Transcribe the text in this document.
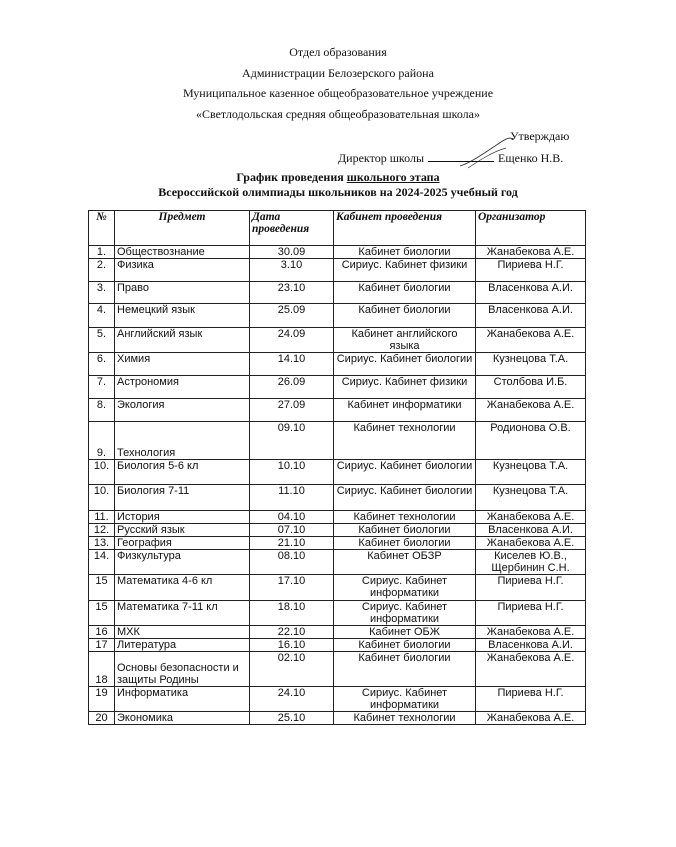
Отдел образования
Администрации Белозерского района
Муниципальное казенное общеобразовательное учреждение
«Светлодольская средняя общеобразовательная школа»
Утверждаю
Директор школы	Ещенко Н.В.
График проведения школьного этапа
Всероссийской олимпиады школьников на 2024-2025 учебный год
№	Предмет	Дата проведения	Кабинет проведения	Организатор
1.	Обществознание	30.09	Кабинет биологии	Жанабекова А.Е.
2.	Физика	3.10	Сириус. Кабинет физики	Пириева Н.Г.
3.	Право	23.10	Кабинет биологии	Власенкова А.И.
4.	Немецкий язык	25.09	Кабинет биологии	Власенкова А.И.
5.	Английский язык	24.09	Кабинет английского языка	Жанабекова А.Е.
6.	Химия	14.10	Сириус. Кабинет биологии	Кузнецова Т.А.
7.	Астрономия	26.09	Сириус. Кабинет физики	Столбова И.Б.
8.	Экология	27.09	Кабинет информатики	Жанабекова А.Е.
9.	Технология	09.10	Кабинет технологии	Родионова О.В.
10.	Биология 5-6 кл	10.10	Сириус. Кабинет биологии	Кузнецова Т.А.
10.	Биология 7-11	11.10	Сириус. Кабинет биологии	Кузнецова Т.А.
11.	История	04.10	Кабинет технологии	Жанабекова А.Е.
12.	Русский язык	07.10	Кабинет биологии	Власенкова А.И.
13.	География	21.10	Кабинет биологии	Жанабекова А.Е.
14.	Физкультура	08.10	Кабинет ОБЗР	Киселев Ю.В., Щербинин С.Н.
15	Математика 4-6 кл	17.10	Сириус. Кабинет информатики	Пириева Н.Г.
15	Математика 7-11 кл	18.10	Сириус. Кабинет информатики	Пириева Н.Г.
16	МХК	22.10	Кабинет ОБЖ	Жанабекова А.Е.
17	Литература	16.10	Кабинет биологии	Власенкова А.И.
18	Основы безопасности и защиты Родины	02.10	Кабинет биологии	Жанабекова А.Е.
19	Информатика	24.10	Сириус. Кабинет информатики	Пириева Н.Г.
20	Экономика	25.10	Кабинет технологии	Жанабекова А.Е.
